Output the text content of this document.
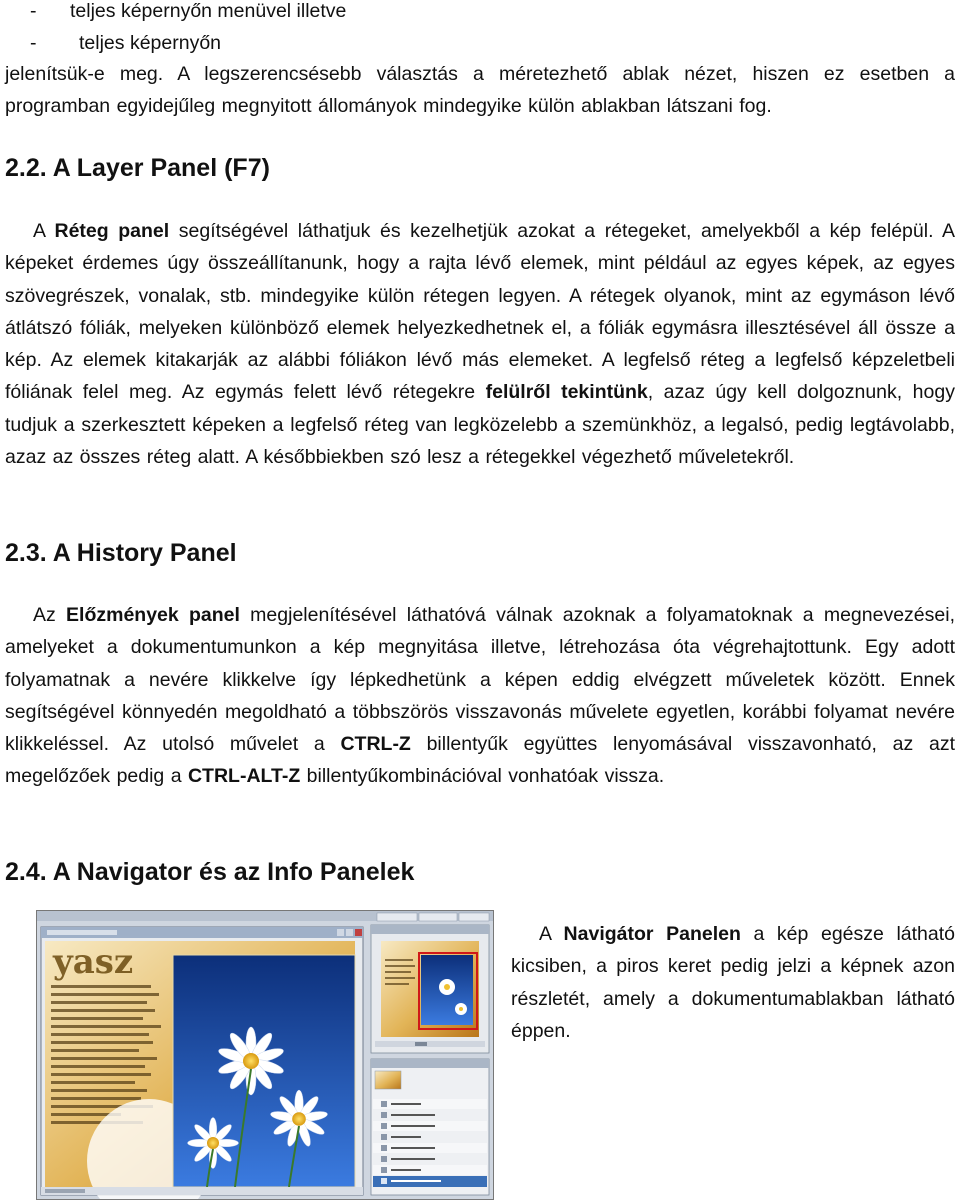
- teljes képernyőn menüvel illetve
- teljes képernyőn
jelenítsük-e meg. A legszerencsésebb választás a méretezhető ablak nézet, hiszen ez esetben a programban egyidejűleg megnyitott állományok mindegyike külön ablakban látszani fog.
2.2. A Layer Panel (F7)
A Réteg panel segítségével láthatjuk és kezelhetjük azokat a rétegeket, amelyekből a kép felépül. A képeket érdemes úgy összeállítanunk, hogy a rajta lévő elemek, mint például az egyes képek, az egyes szövegrészek, vonalak, stb. mindegyike külön rétegen legyen. A rétegek olyanok, mint az egymáson lévő átlátszó fóliák, melyeken különböző elemek helyezkedhetnek el, a fóliák egymásra illesztésével áll össze a kép. Az elemek kitakarják az alábbi fóliákon lévő más elemeket. A legfelső réteg a legfelső képzeletbeli fóliának felel meg. Az egymás felett lévő rétegekre felülről tekintünk, azaz úgy kell dolgoznunk, hogy tudjuk a szerkesztett képeken a legfelső réteg van legközelebb a szemünkhöz, a legalsó, pedig legtávolabb, azaz az összes réteg alatt. A későbbiekben szó lesz a rétegekkel végezhető műveletekről.
2.3. A History Panel
Az Előzmények panel megjelenítésével láthatóvá válnak azoknak a folyamatoknak a megnevezései, amelyeket a dokumentumunkon a kép megnyitása illetve, létrehozása óta végrehajtottunk. Egy adott folyamatnak a nevére klikkelve így lépkedhetünk a képen eddig elvégzett műveletek között. Ennek segítségével könnyedén megoldható a többszörös visszavonás művelete egyetlen, korábbi folyamat nevére klikkeléssel. Az utolsó művelet a CTRL-Z billentyűk együttes lenyomásával visszavonható, az azt megelőzőek pedig a CTRL-ALT-Z billentyűkombinációval vonhatóak vissza.
2.4. A Navigator és az Info Panelek
yasz
A Navigátor Panelen a kép egésze látható kicsiben, a piros keret pedig jelzi a képnek azon részletét, amely a dokumentumablakban látható éppen.
